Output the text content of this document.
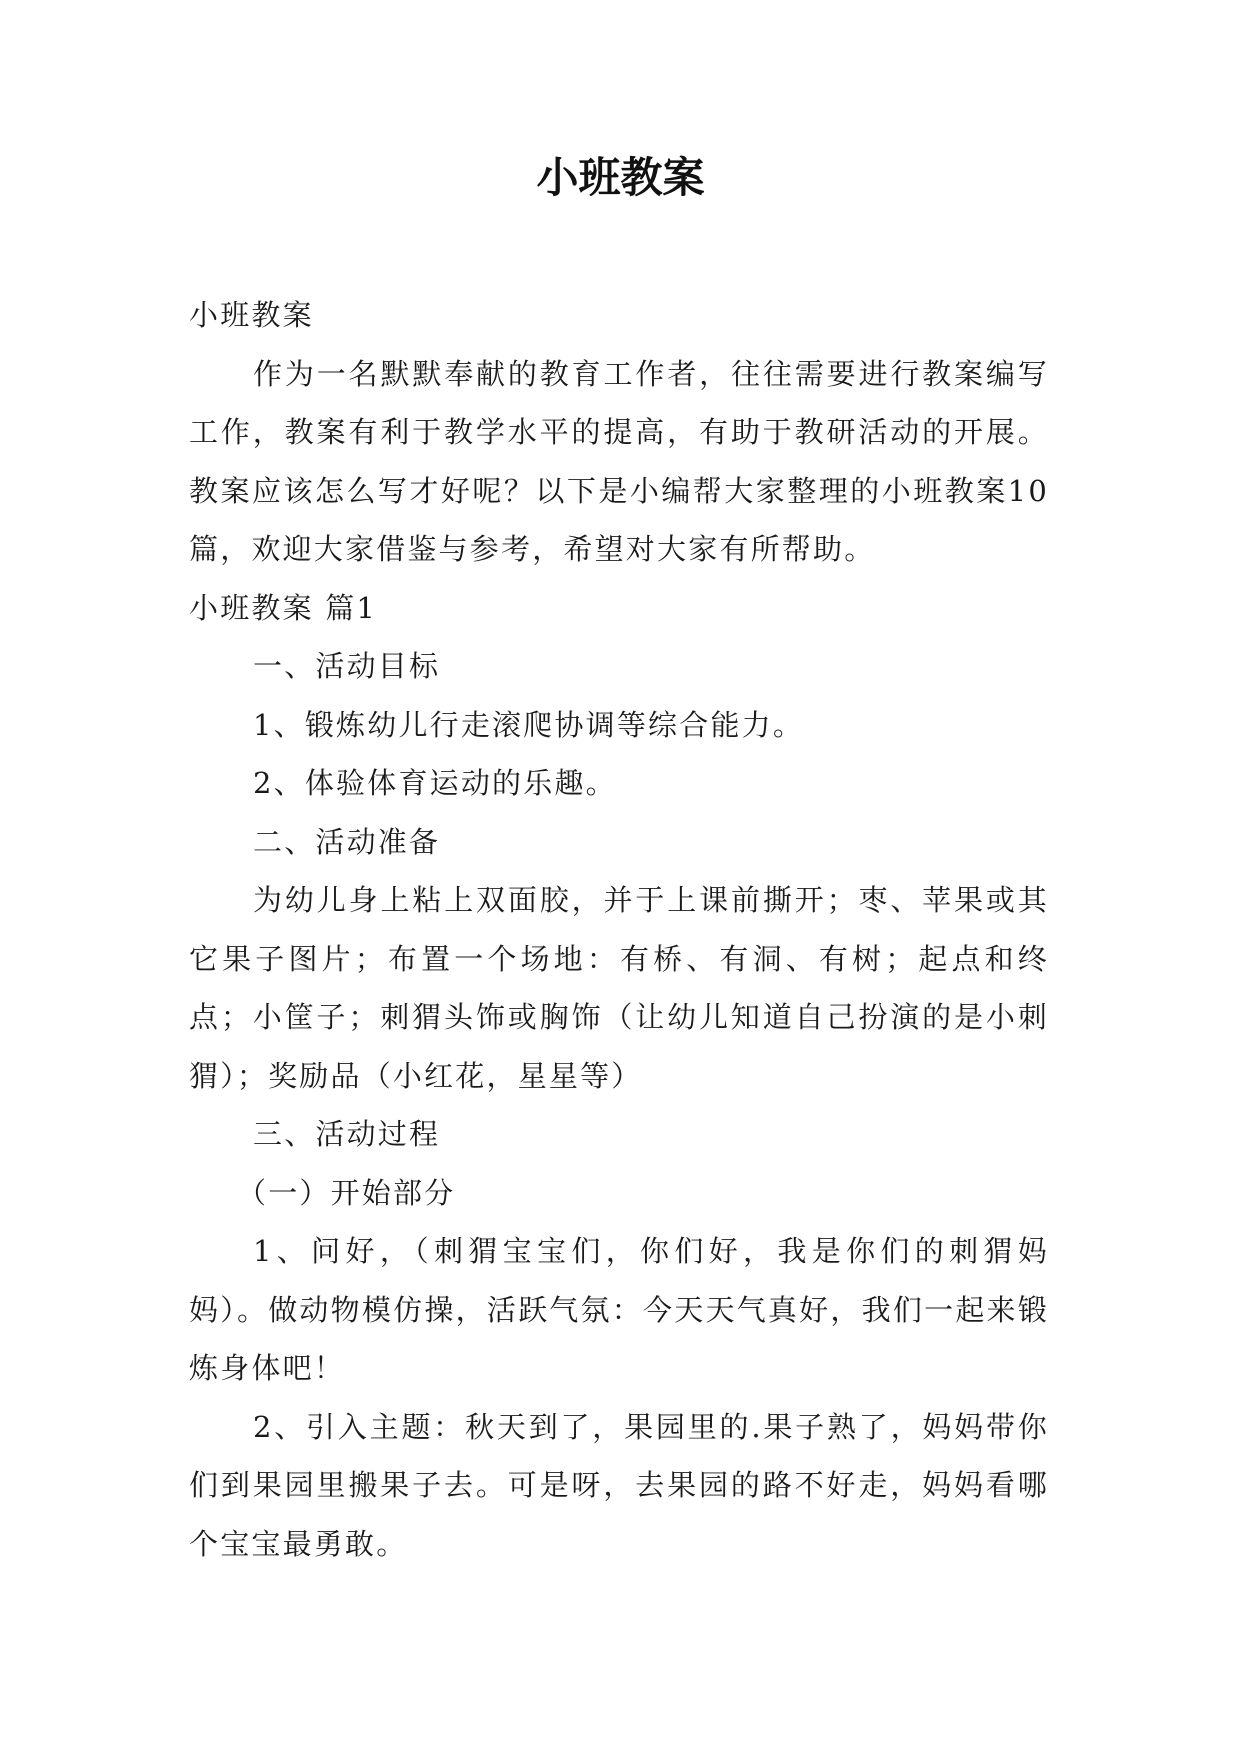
小班教案

小班教案

作为一名默默奉献的教育工作者，往往需要进行教案编写工作，教案有利于教学水平的提高，有助于教研活动的开展。教案应该怎么写才好呢？以下是小编帮大家整理的小班教案10篇，欢迎大家借鉴与参考，希望对大家有所帮助。

小班教案 篇1

一、活动目标

1、锻炼幼儿行走滚爬协调等综合能力。

2、体验体育运动的乐趣。

二、活动准备

为幼儿身上粘上双面胶，并于上课前撕开；枣、苹果或其它果子图片；布置一个场地：有桥、有洞、有树；起点和终点；小筐子；刺猬头饰或胸饰（让幼儿知道自己扮演的是小刺猬）；奖励品（小红花，星星等）

三、活动过程

（一）开始部分

1、问好，（刺猬宝宝们，你们好，我是你们的刺猬妈妈）。做动物模仿操，活跃气氛：今天天气真好，我们一起来锻炼身体吧！

2、引入主题：秋天到了，果园里的.果子熟了，妈妈带你们到果园里搬果子去。可是呀，去果园的路不好走，妈妈看哪个宝宝最勇敢。
